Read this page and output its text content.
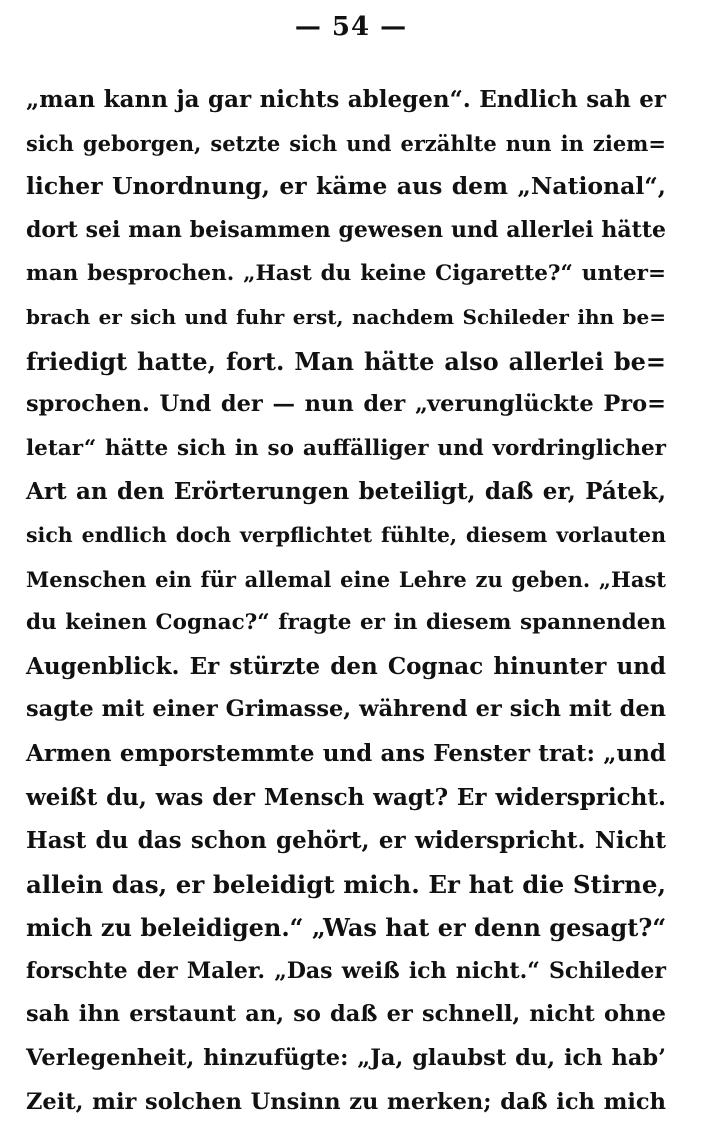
— 54 —
„man kann ja gar nichts ablegen“. Endlich sah er
sich geborgen, setzte sich und erzählte nun in ziem=
licher Unordnung, er käme aus dem „National“,
dort sei man beisammen gewesen und allerlei hätte
man besprochen. „Hast du keine Cigarette?“ unter=
brach er sich und fuhr erst, nachdem Schileder ihn be=
friedigt hatte, fort. Man hätte also allerlei be=
sprochen. Und der — nun der „verunglückte Pro=
letar“ hätte sich in so auffälliger und vordringlicher
Art an den Erörterungen beteiligt, daß er, Pátek,
sich endlich doch verpflichtet fühlte, diesem vorlauten
Menschen ein für allemal eine Lehre zu geben. „Hast
du keinen Cognac?“ fragte er in diesem spannenden
Augenblick. Er stürzte den Cognac hinunter und
sagte mit einer Grimasse, während er sich mit den
Armen emporstemmte und ans Fenster trat: „und
weißt du, was der Mensch wagt? Er widerspricht.
Hast du das schon gehört, er widerspricht. Nicht
allein das, er beleidigt mich. Er hat die Stirne,
mich zu beleidigen.“ „Was hat er denn gesagt?“
forschte der Maler. „Das weiß ich nicht.“ Schileder
sah ihn erstaunt an, so daß er schnell, nicht ohne
Verlegenheit, hinzufügte: „Ja, glaubst du, ich hab’
Zeit, mir solchen Unsinn zu merken; daß ich mich
